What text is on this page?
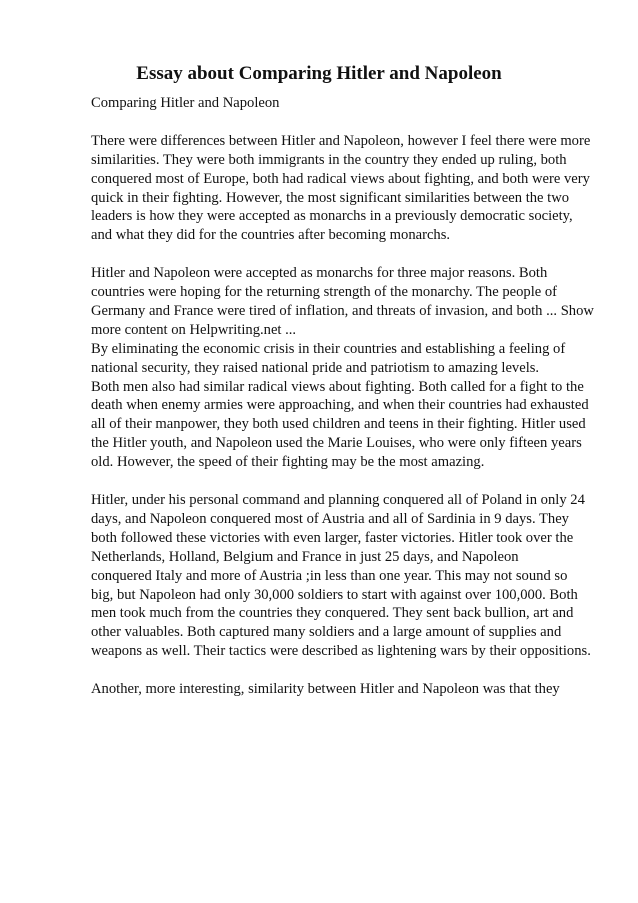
Essay about Comparing Hitler and Napoleon

Comparing Hitler and Napoleon

There were differences between Hitler and Napoleon, however I feel there were more
similarities. They were both immigrants in the country they ended up ruling, both
conquered most of Europe, both had radical views about fighting, and both were very
quick in their fighting. However, the most significant similarities between the two
leaders is how they were accepted as monarchs in a previously democratic society,
and what they did for the countries after becoming monarchs.

Hitler and Napoleon were accepted as monarchs for three major reasons. Both
countries were hoping for the returning strength of the monarchy. The people of
Germany and France were tired of inflation, and threats of invasion, and both ... Show
more content on Helpwriting.net ...
By eliminating the economic crisis in their countries and establishing a feeling of
national security, they raised national pride and patriotism to amazing levels.
Both men also had similar radical views about fighting. Both called for a fight to the
death when enemy armies were approaching, and when their countries had exhausted
all of their manpower, they both used children and teens in their fighting. Hitler used
the Hitler youth, and Napoleon used the Marie Louises, who were only fifteen years
old. However, the speed of their fighting may be the most amazing.

Hitler, under his personal command and planning conquered all of Poland in only 24
days, and Napoleon conquered most of Austria and all of Sardinia in 9 days. They
both followed these victories with even larger, faster victories. Hitler took over the
Netherlands, Holland, Belgium and France in just 25 days, and Napoleon
conquered Italy and more of Austria ;in less than one year. This may not sound so
big, but Napoleon had only 30,000 soldiers to start with against over 100,000. Both
men took much from the countries they conquered. They sent back bullion, art and
other valuables. Both captured many soldiers and a large amount of supplies and
weapons as well. Their tactics were described as lightening wars by their oppositions.

Another, more interesting, similarity between Hitler and Napoleon was that they
